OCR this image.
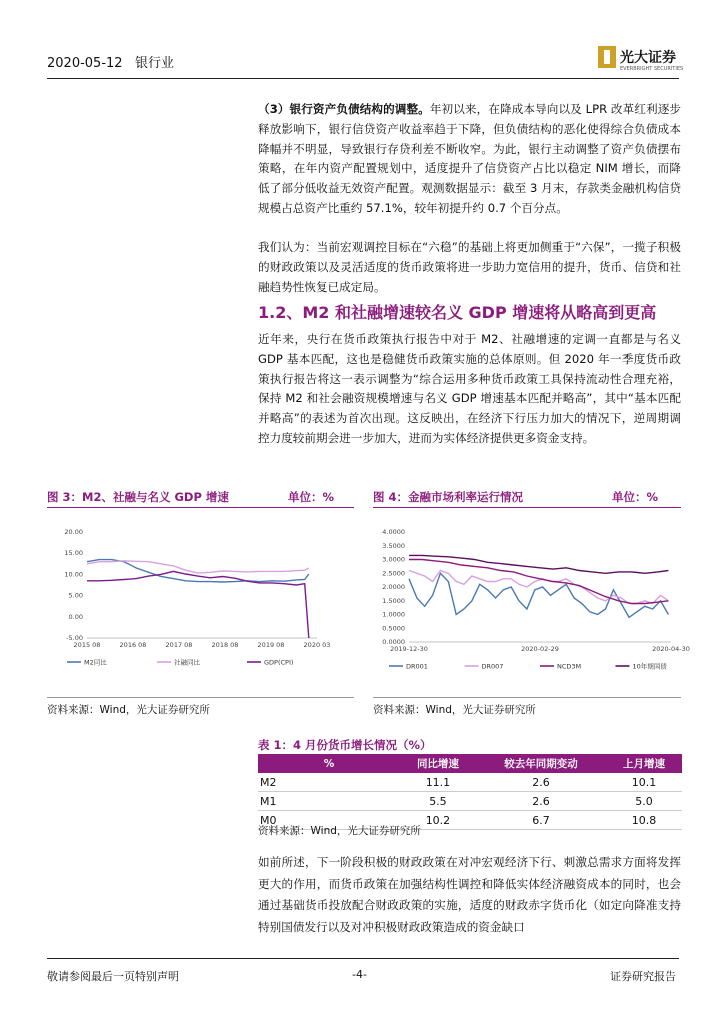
2020-05-12 银行业	光大证券
EVERBRIGHT SECURITIES
（3）银行资产负债结构的调整。年初以来，在降成本导向以及 LPR 改革红利逐步释放影响下，银行信贷资产收益率趋于下降，但负债结构的恶化使得综合负债成本降幅并不明显，导致银行存贷利差不断收窄。为此，银行主动调整了资产负债摆布策略，在年内资产配置规划中，适度提升了信贷资产占比以稳定 NIM 增长，而降低了部分低收益无效资产配置。观测数据显示：截至 3 月末，存款类金融机构信贷规模占总资产比重约 57.1%，较年初提升约 0.7 个百分点。
我们认为：当前宏观调控目标在“六稳”的基础上将更加侧重于“六保”，一揽子积极的财政政策以及灵活适度的货币政策将进一步助力宽信用的提升，货币、信贷和社融趋势性恢复已成定局。
1.2、M2 和社融增速较名义 GDP 增速将从略高到更高
近年来，央行在货币政策执行报告中对于 M2、社融增速的定调一直都是与名义 GDP 基本匹配，这也是稳健货币政策实施的总体原则。但 2020 年一季度货币政策执行报告将这一表示调整为“综合运用多种货币政策工具保持流动性合理充裕，保持 M2 和社会融资规模增速与名义 GDP 增速基本匹配并略高”，其中“基本匹配并略高”的表述为首次出现。这反映出，在经济下行压力加大的情况下，逆周期调控力度较前期会进一步加大，进而为实体经济提供更多资金支持。
图 3：M2、社融与名义 GDP 增速	单位：%
20.00
15.00
10.00
5.00
0.00
-5.00
2015 08	2016 08	2017 08	2018 08	2019 08	2020 03
M2同比	社融同比	GDP(CPI)
资料来源：Wind，光大证券研究所
图 4：金融市场利率运行情况	单位：%
4.0000
3.5000
3.0000
2.5000
2.0000
1.5000
1.0000
0.5000
0.0000
2019-12-30	2020-02-29	2020-04-30
DR001	DR007	NCD3M	10年期国债
资料来源：Wind，光大证券研究所
表 1：4 月份货币增长情况（%）
%	同比增速	较去年同期变动	上月增速
M2	11.1	2.6	10.1
M1	5.5	2.6	5.0
M0	10.2	6.7	10.8
资料来源：Wind，光大证券研究所
如前所述，下一阶段积极的财政政策在对冲宏观经济下行、刺激总需求方面将发挥更大的作用，而货币政策在加强结构性调控和降低实体经济融资成本的同时，也会通过基础货币投放配合财政政策的实施，适度的财政赤字货币化（如定向降准支持特别国债发行以及对冲积极财政政策造成的资金缺口
敬请参阅最后一页特别声明	-4-	证券研究报告
